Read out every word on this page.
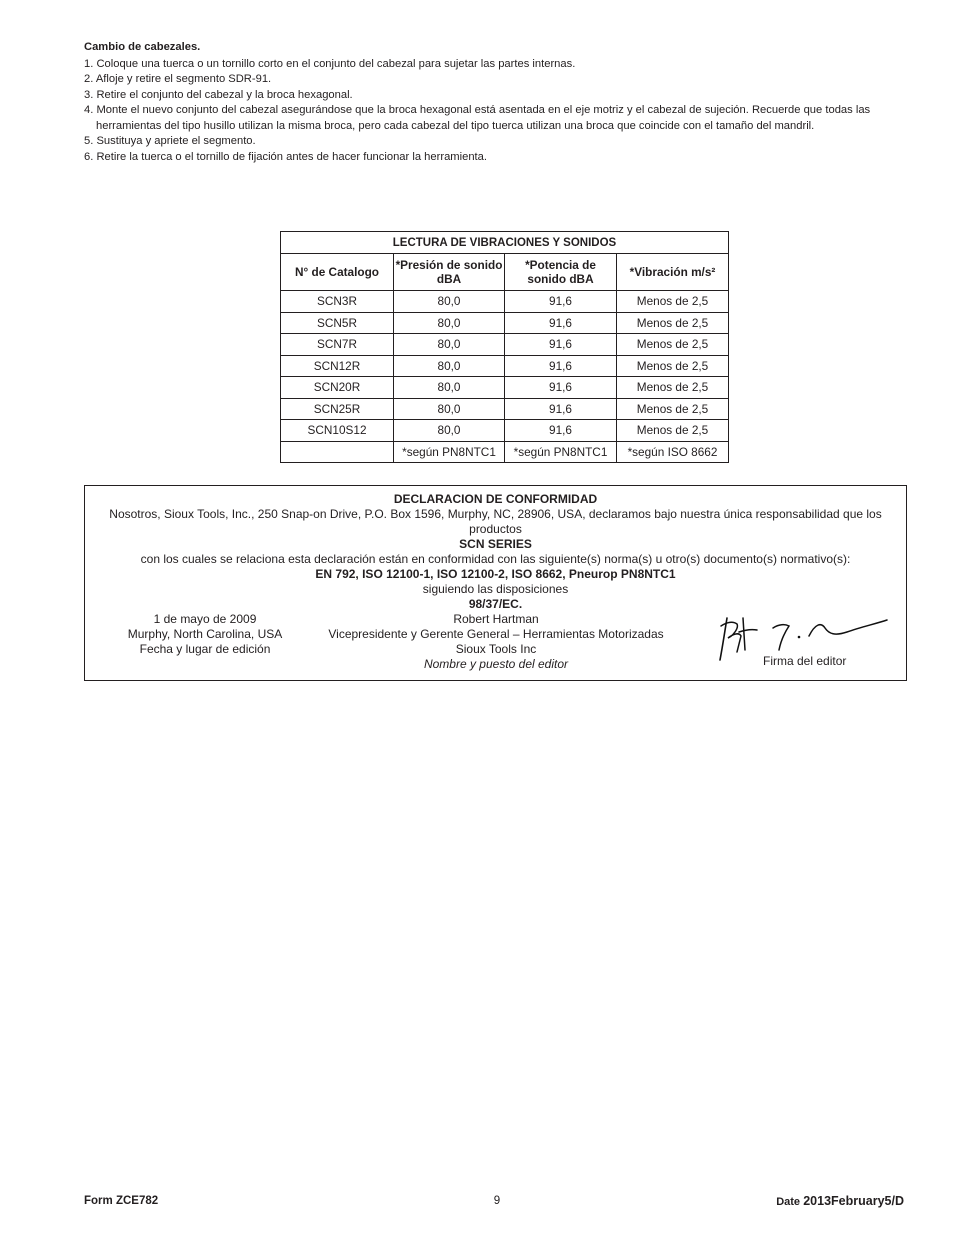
Cambio de cabezales.
1. Coloque una tuerca o un tornillo corto en el conjunto del cabezal para sujetar las partes internas.
2. Afloje y retire el segmento SDR-91.
3. Retire el conjunto del cabezal y la broca hexagonal.
4. Monte el nuevo conjunto del cabezal asegurándose que la broca hexagonal está asentada en el eje motriz y el cabezal de sujeción. Recuerde que todas las herramientas del tipo husillo utilizan la misma broca, pero cada cabezal del tipo tuerca utilizan una broca que coincide con el tamaño del mandril.
5. Sustituya y apriete el segmento.
6. Retire la tuerca o el tornillo de fijación antes de hacer funcionar la herramienta.
LECTURA DE VIBRACIONES Y SONIDOS			
N° de Catalogo	*Presión de sonido dBA	*Potencia de sonido dBA	*Vibración m/s²
SCN3R	80,0	91,6	Menos de 2,5
SCN5R	80,0	91,6	Menos de 2,5
SCN7R	80,0	91,6	Menos de 2,5
SCN12R	80,0	91,6	Menos de 2,5
SCN20R	80,0	91,6	Menos de 2,5
SCN25R	80,0	91,6	Menos de 2,5
SCN10S12	80,0	91,6	Menos de 2,5
	*según PN8NTC1	*según PN8NTC1	*según ISO 8662
DECLARACION DE CONFORMIDAD
Nosotros, Sioux Tools, Inc., 250 Snap-on Drive, P.O. Box 1596, Murphy, NC, 28906, USA, declaramos bajo nuestra única responsabilidad que los productos
SCN SERIES
con los cuales se relaciona esta declaración están en conformidad con las siguiente(s) norma(s) u otro(s) documento(s) normativo(s):
EN 792, ISO 12100-1, ISO 12100-2, ISO 8662, Pneurop PN8NTC1
siguiendo las disposiciones
98/37/EC.
1 de mayo de 2009
Murphy, North Carolina, USA
Fecha y lugar de edición
Robert Hartman
Vicepresidente y Gerente General – Herramientas Motorizadas
Sioux Tools Inc
Nombre y puesto del editor	Firma del editor
Form ZCE782	9	Date 2013February5/D
